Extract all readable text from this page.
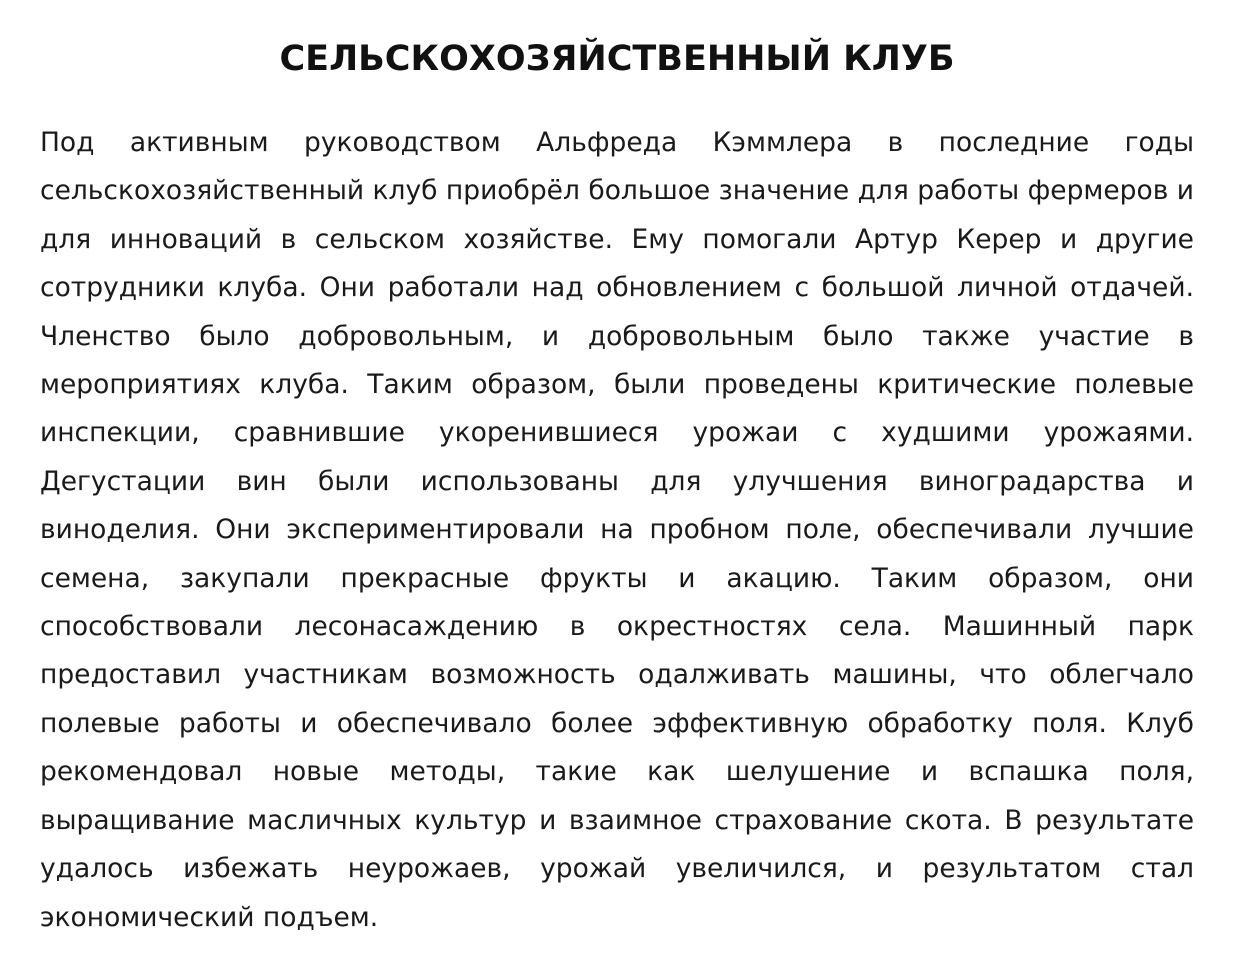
СЕЛЬСКОХОЗЯЙСТВЕННЫЙ КЛУБ

Под активным руководством Альфреда Кэммлера в последние годы сельскохозяйственный клуб приобрёл большое значение для работы фермеров и для инноваций в сельском хозяйстве. Ему помогали Артур Керер и другие сотрудники клуба. Они работали над обновлением с большой личной отдачей. Членство было добровольным, и добровольным было также участие в мероприятиях клуба. Таким образом, были проведены критические полевые инспекции, сравнившие укоренившиеся урожаи с худшими урожаями. Дегустации вин были использованы для улучшения виноградарства и виноделия. Они экспериментировали на пробном поле, обеспечивали лучшие семена, закупали прекрасные фрукты и акацию. Таким образом, они способствовали лесонасаждению в окрестностях села. Машинный парк предоставил участникам возможность одалживать машины, что облегчало полевые работы и обеспечивало более эффективную обработку поля. Клуб рекомендовал новые методы, такие как шелушение и вспашка поля, выращивание масличных культур и взаимное страхование скота. В результате удалось избежать неурожаев, урожай увеличился, и результатом стал экономический подъем.
